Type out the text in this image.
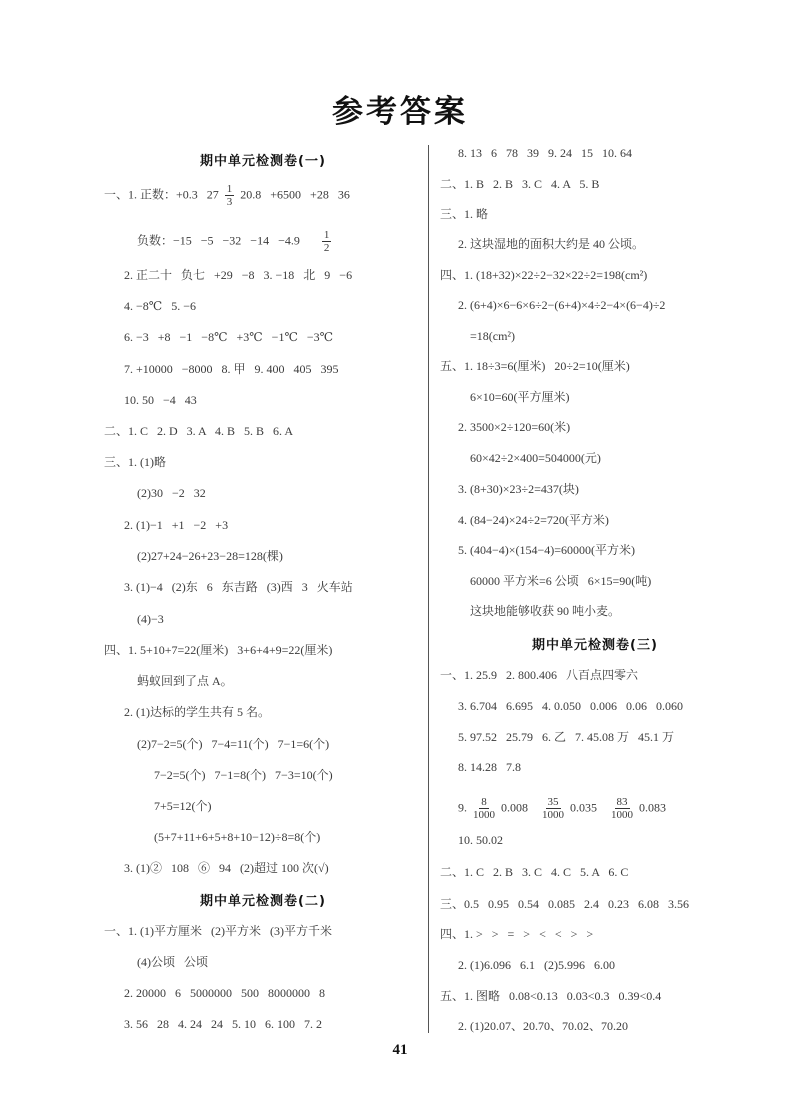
参考答案
期中单元检测卷(一)
一、1. 正数：+0.3   $27 \frac{1}{3} 20.8 +6500 +28$   36
负数：$-15 -5 -32 -14 -4.9 \frac{1}{2}$
2. 正二十   负七   +29   −8   3. −18   北   9   −6
4. −8℃   5. −6
6. −3   +8   −1   −8℃   +3℃   −1℃   −3℃
7. +10000   −8000   8. 甲   9. 400   405   395
10. 50   −4   43
二、1. C   2. D   3. A   4. B   5. B   6. A
三、1. (1)略
(2)30   −2   32
2. (1)−1   +1   −2   +3
(2)27+24−26+23−28=128(棵)
3. (1)−4   (2)东   6   东吉路   (3)西   3   火车站
(4)−3
四、1. 5+10+7=22(厘米)   3+6+4+9=22(厘米)
蚂蚁回到了点 A。
2. (1)达标的学生共有 5 名。
(2)7−2=5(个)   7−4=11(个)   7−1=6(个)
7−2=5(个)   7−1=8(个)   7−3=10(个)
7+5=12(个)
(5+7+11+6+5+8+10−12)÷8=8(个)
3. (1)②   108   ⑥   94   (2)超过 100 次(√)
期中单元检测卷(二)
一、1. (1)平方厘米   (2)平方米   (3)平方千米
(4)公顷   公顷
2. 20000   6   5000000   500   8000000   8
3. 56   28   4. 24   24   5. 10   6. 100   7. 2
8. 13   6   78   39   9. 24   15   10. 64
二、1. B   2. B   3. C   4. A   5. B
三、1. 略
2. 这块湿地的面积大约是 40 公顷。
四、1. (18+32)×22÷2−32×22÷2=198(cm²)
2. (6+4)×6−6×6÷2−(6+4)×4÷2−4×(6−4)÷2
=18(cm²)
五、1. 18÷3=6(厘米)   20÷2=10(厘米)
6×10=60(平方厘米)
2. 3500×2÷120=60(米)
60×42÷2×400=504000(元)
3. (8+30)×23÷2=437(块)
4. (84−24)×24÷2=720(平方米)
5. (404−4)×(154−4)=60000(平方米)
60000 平方米=6 公顷   6×15=90(吨)
这块地能够收获 90 吨小麦。
期中单元检测卷(三)
一、1. 25.9   2. 800.406   八百点四零六
3. 6.704   6.695   4. 0.050   0.006   0.06   0.060
5. 97.52   25.79   6. 乙   7. 45.08 万   45.1 万
8. 14.28   7.8
9. $\frac{8}{1000} 0.008 \frac{35}{1000} 0.035 \frac{83}{1000} 0.083$
10. 50.02
二、1. C   2. B   3. C   4. C   5. A   6. C
三、0.5   0.95   0.54   0.085   2.4   0.23   6.08   3.56
四、1. >   >   =   >   <   <   >   >
2. (1)6.096   6.1   (2)5.996   6.00
五、1. 图略   0.08<0.13   0.03<0.3   0.39<0.4
2. (1)20.07、20.70、70.02、70.20
41
